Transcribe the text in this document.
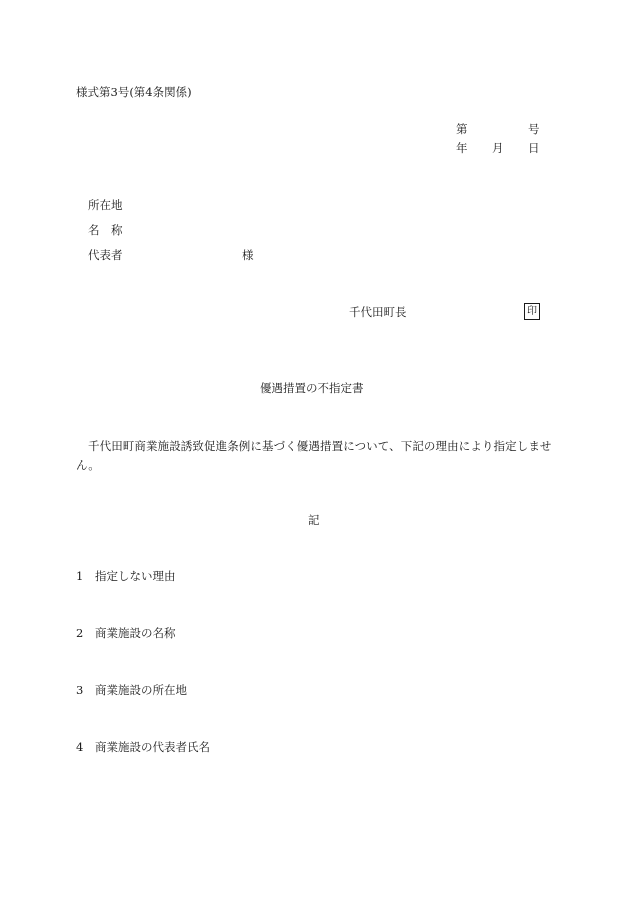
様式第3号(第4条関係)
第	号
年 月 日
所在地
名　称
代表者	様
千代田町長	印
優遇措置の不指定書
千代田町商業施設誘致促進条例に基づく優遇措置について、下記の理由により指定しません。
記
1 指定しない理由
2 商業施設の名称
3 商業施設の所在地
4 商業施設の代表者氏名
